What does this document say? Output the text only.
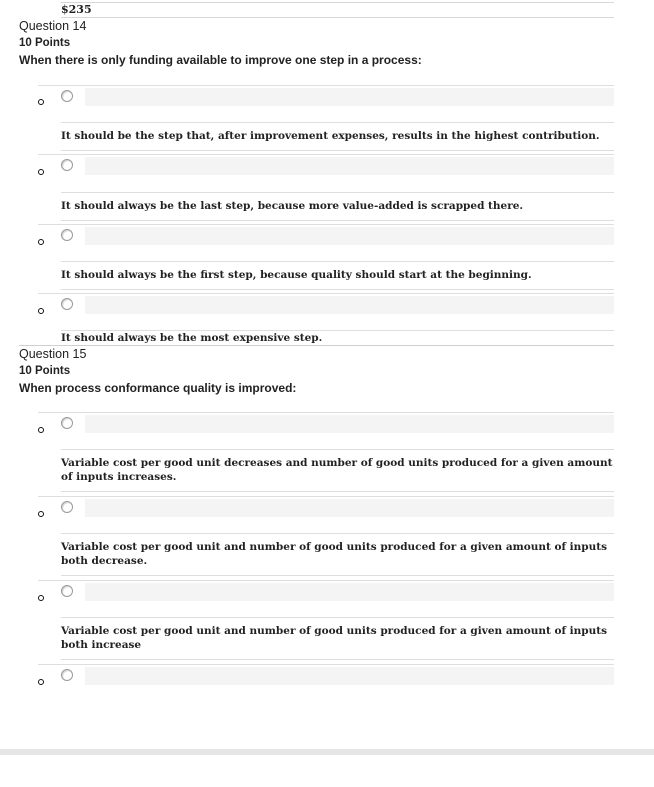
$235
Question 14
10 Points
When there is only funding available to improve one step in a process:
It should be the step that, after improvement expenses, results in the highest contribution.
It should always be the last step, because more value-added is scrapped there.
It should always be the first step, because quality should start at the beginning.
It should always be the most expensive step.
Question 15
10 Points
When process conformance quality is improved:
Variable cost per good unit decreases and number of good units produced for a given amount of inputs increases.
Variable cost per good unit and number of good units produced for a given amount of inputs both decrease.
Variable cost per good unit and number of good units produced for a given amount of inputs both increase
